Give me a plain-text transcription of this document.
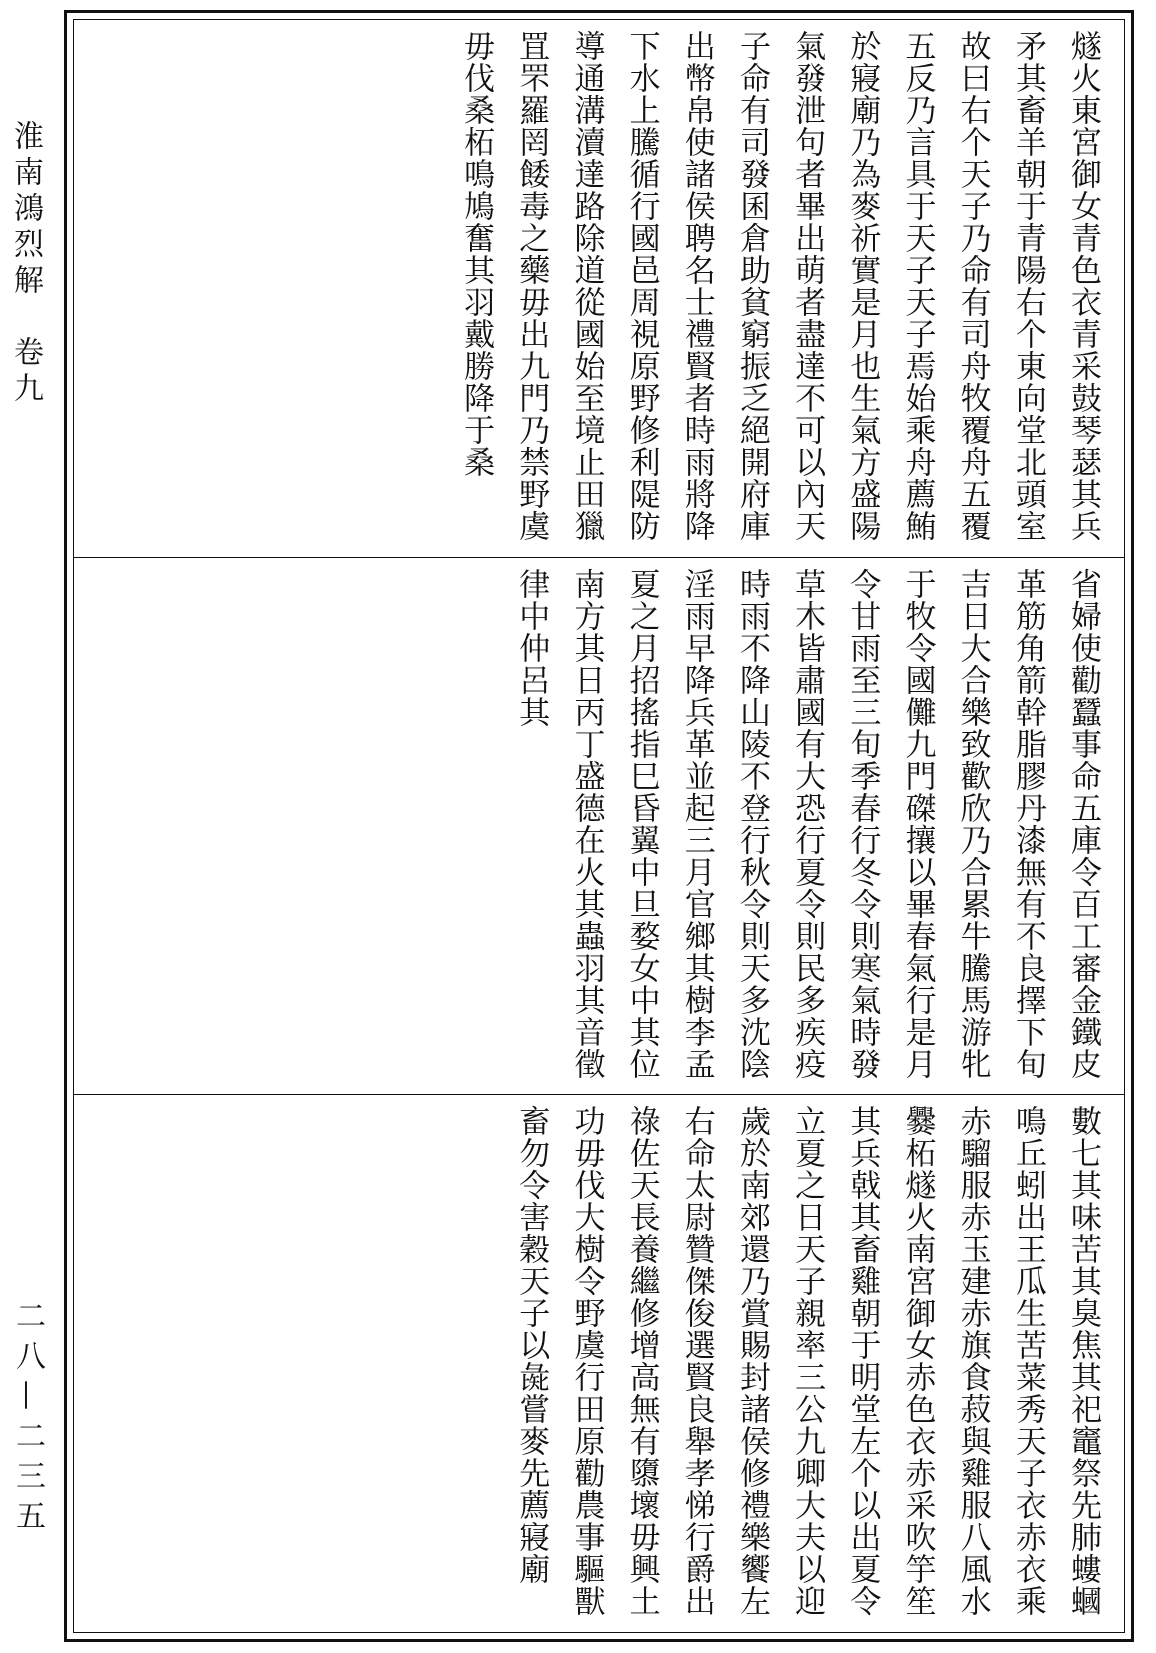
淮南鴻烈解　卷九
二八—二三五
燧火東宮御女青色衣青采鼓琴瑟其兵矛其畜羊朝于青陽右个東向堂北頭室故曰右个天子乃命有司舟牧覆舟五覆五反乃言具于天子天子焉始乘舟薦鮪於寢廟乃為麥祈實是月也生氣方盛陽氣發泄句者畢出萌者盡達不可以內天子命有司發囷倉助貧窮振乏絕開府庫出幣帛使諸侯聘名士禮賢者時雨將降下水上騰循行國邑周視原野修利隄防導通溝瀆達路除道從國始至境止田獵罝罘羅罔餧毒之藥毋出九門乃禁野虞毋伐桑柘鳴鳩奮其羽戴勝降于桑
省婦使勸蠶事命五庫令百工審金鐵皮革筋角箭幹脂膠丹漆無有不良擇下旬吉日大合樂致歡欣乃合累牛騰馬游牝于牧令國儺九門磔攘以畢春氣行是月令甘雨至三旬季春行冬令則寒氣時發草木皆肅國有大恐行夏令則民多疾疫時雨不降山陵不登行秋令則天多沈陰淫雨早降兵革並起三月官鄉其樹李孟夏之月招搖指巳昏翼中旦婺女中其位南方其日丙丁盛德在火其蟲羽其音徵律中仲呂其
數七其味苦其臭焦其祀竈祭先肺螻蟈鳴丘蚓出王瓜生苦菜秀天子衣赤衣乘赤騮服赤玉建赤旗食菽與雞服八風水爨柘燧火南宮御女赤色衣赤采吹竽笙其兵戟其畜雞朝于明堂左个以出夏令立夏之日天子親率三公九卿大夫以迎歲於南郊還乃賞賜封諸侯修禮樂饗左右命太尉贊傑俊選賢良舉孝悌行爵出祿佐天長養繼修增高無有隳壞毋興土功毋伐大樹令野虞行田原勸農事驅獸畜勿令害穀天子以彘嘗麥先薦寢廟
